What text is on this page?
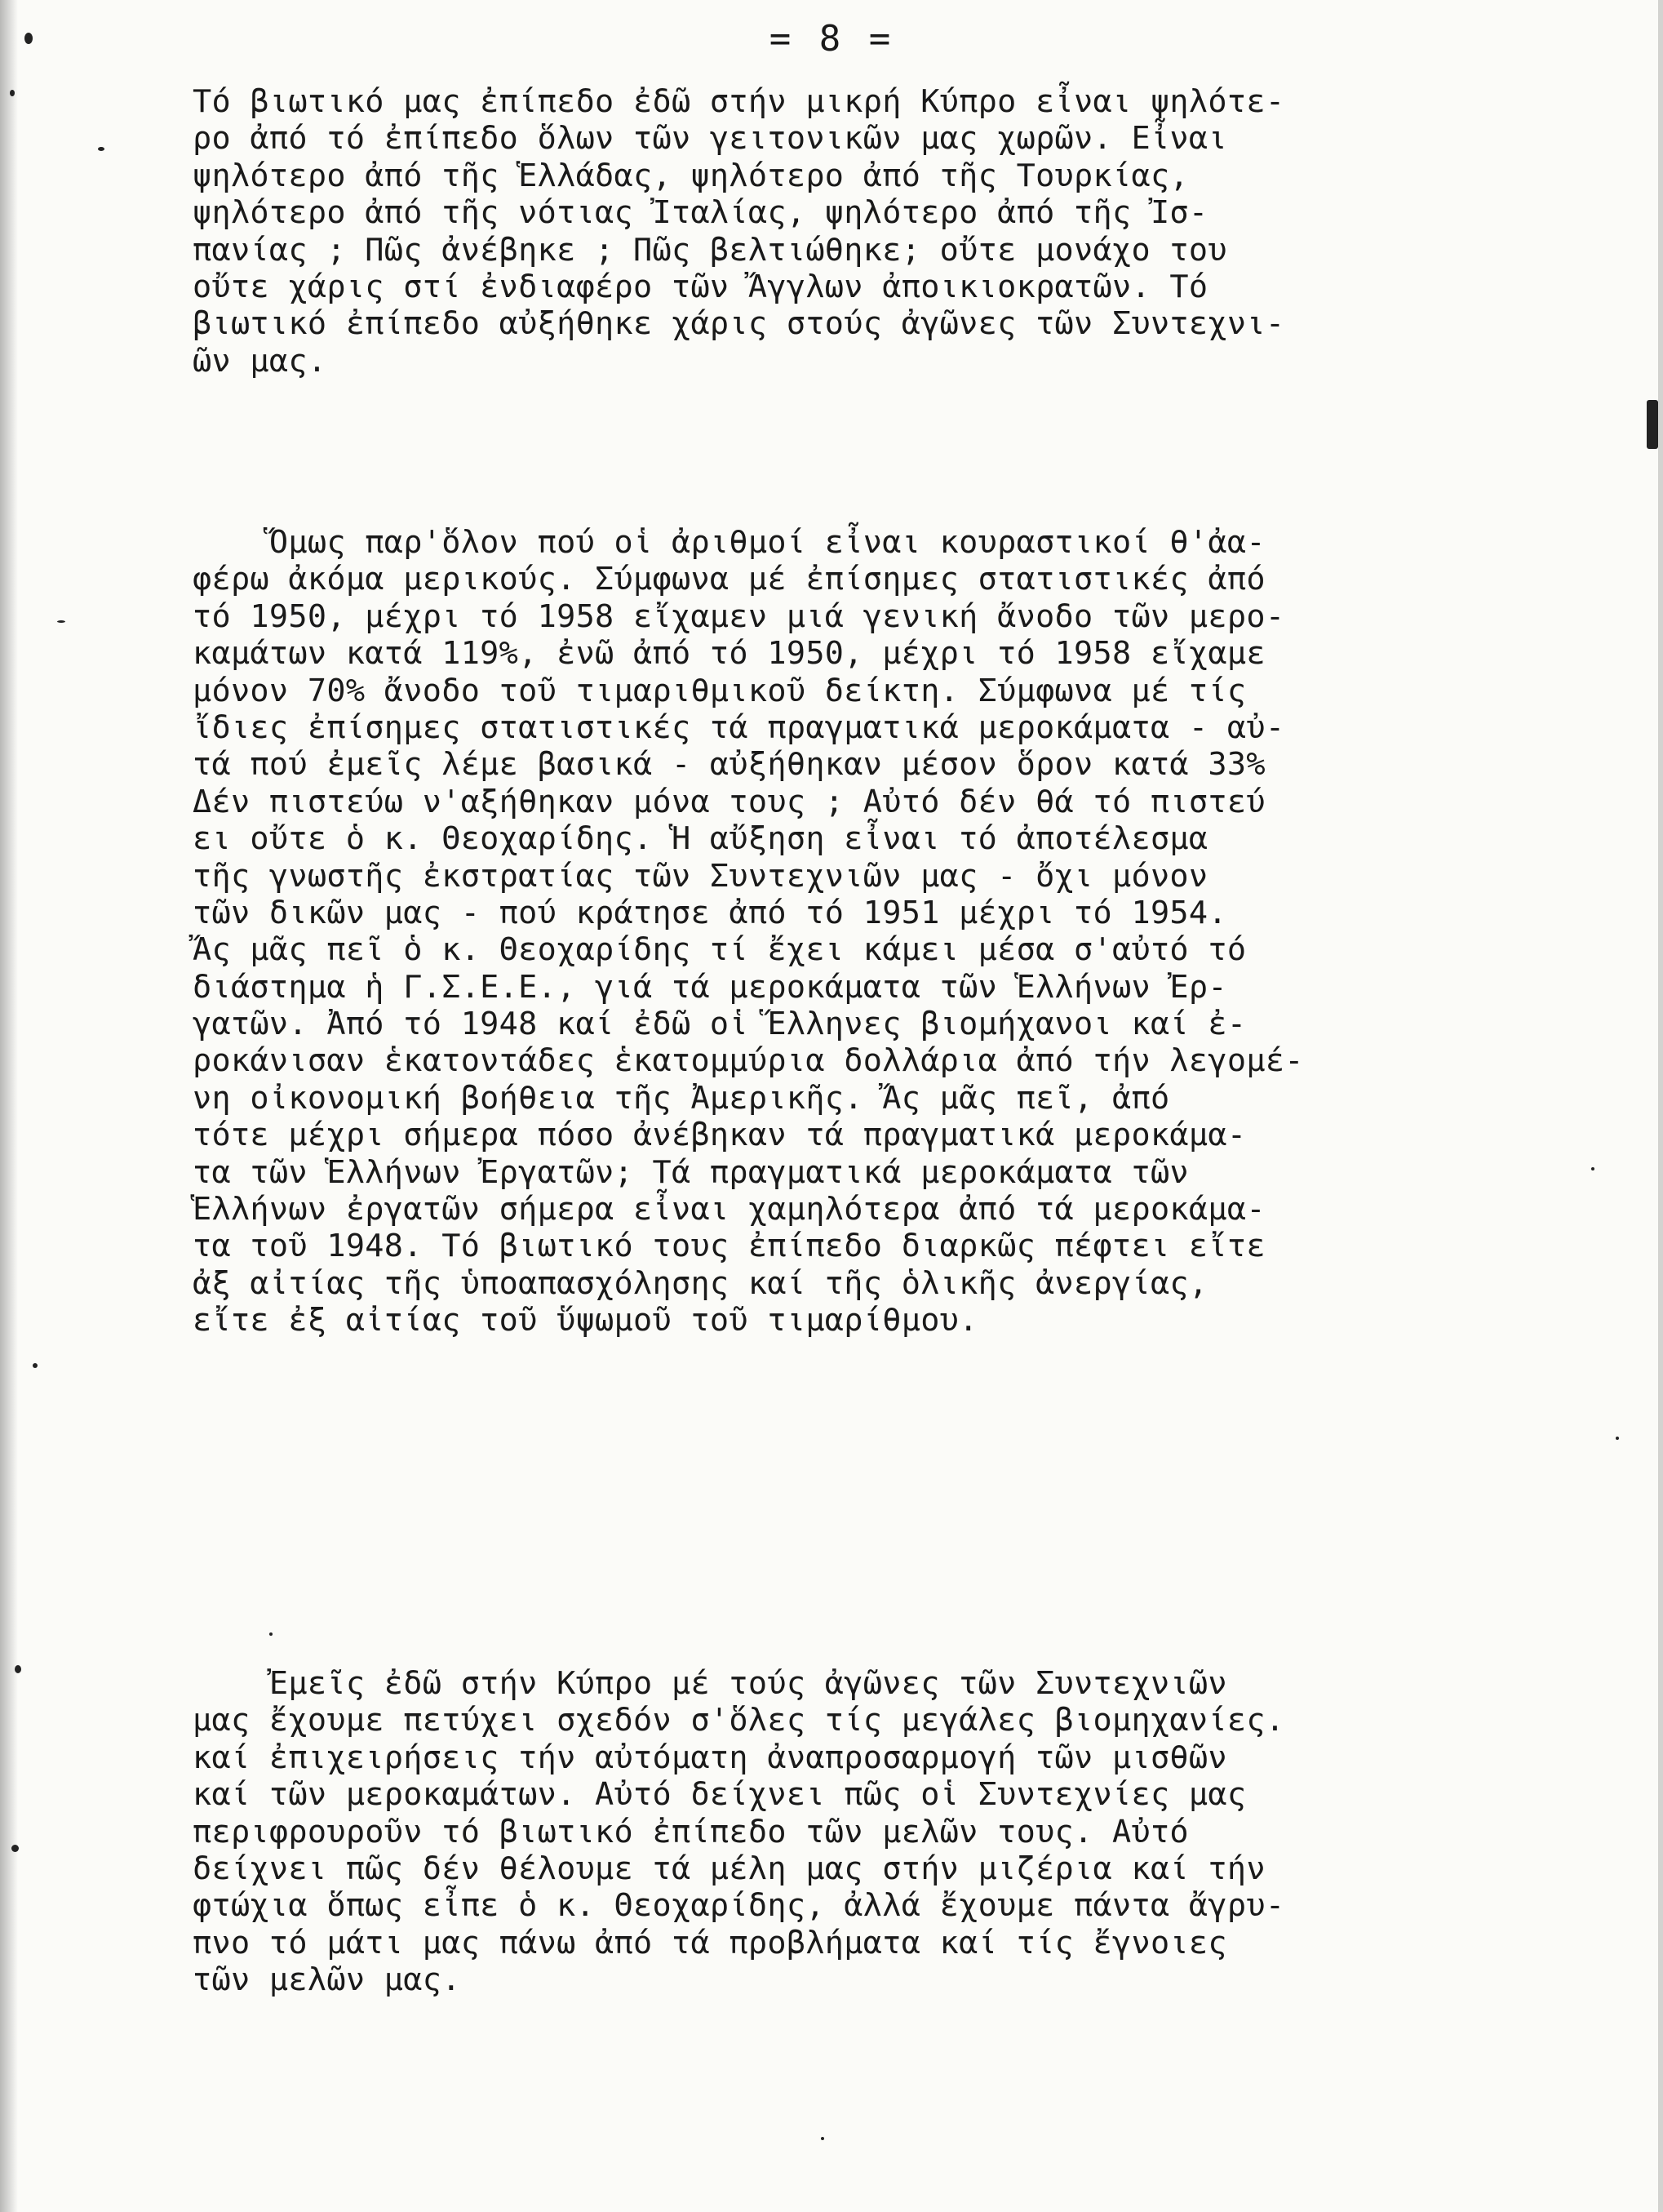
= 8 =
Τό βιωτικό μας ἐπίπεδο ἐδῶ στήν μικρή Κύπρο εἶναι ψηλότε-
ρο ἀπό τό ἐπίπεδο ὅλων τῶν γειτονικῶν μας χωρῶν. Εἶναι
ψηλότερο ἀπό τῆς Ἑλλάδας, ψηλότερο ἀπό τῆς Τουρκίας,
ψηλότερο ἀπό τῆς νότιας Ἰταλίας, ψηλότερο ἀπό τῆς Ἰσ-
πανίας ; Πῶς ἀνέβηκε ; Πῶς βελτιώθηκε; οὔτε μονάχο του
οὔτε χάρις στί ἐνδιαφέρο τῶν Ἄγγλων ἀποικιοκρατῶν. Τό
βιωτικό ἐπίπεδο αὐξήθηκε χάρις στούς ἀγῶνες τῶν Συντεχνι-
ῶν μας.
Ὅμως παρ'ὅλον πού οἱ ἀριθμοί εἶναι κουραστικοί θ'ἀα-
φέρω ἀκόμα μερικούς. Σύμφωνα μέ ἐπίσημες στατιστικές ἀπό
τό 1950, μέχρι τό 1958 εἴχαμεν μιά γενική ἄνοδο τῶν μερο-
καμάτων κατά 119%, ἐνῶ ἀπό τό 1950, μέχρι τό 1958 εἴχαμε
μόνον 70% ἄνοδο τοῦ τιμαριθμικοῦ δείκτη. Σύμφωνα μέ τίς
ἴδιες ἐπίσημες στατιστικές τά πραγματικά μεροκάματα - αὐ-
τά πού ἐμεῖς λέμε βασικά - αὐξήθηκαν μέσον ὅρον κατά 33%
Δέν πιστεύω ν'αξήθηκαν μόνα τους ; Αὐτό δέν θά τό πιστεύ
ει οὔτε ὁ κ. Θεοχαρίδης. Ἡ αὔξηση εἶναι τό ἀποτέλεσμα
τῆς γνωστῆς ἐκστρατίας τῶν Συντεχνιῶν μας - ὄχι μόνον
τῶν δικῶν μας - πού κράτησε ἀπό τό 1951 μέχρι τό 1954.
Ἄς μᾶς πεῖ ὁ κ. Θεοχαρίδης τί ἔχει κάμει μέσα σ'αὐτό τό
διάστημα ἡ Γ.Σ.Ε.Ε., γιά τά μεροκάματα τῶν Ἑλλήνων Ἐρ-
γατῶν. Ἀπό τό 1948 καί ἐδῶ οἱ Ἕλληνες βιομήχανοι καί ἐ-
ροκάνισαν ἑκατοντάδες ἑκατομμύρια δολλάρια ἀπό τήν λεγομέ-
νη οἰκονομική βοήθεια τῆς Ἀμερικῆς. Ἄς μᾶς πεῖ, ἀπό
τότε μέχρι σήμερα πόσο ἀνέβηκαν τά πραγματικά μεροκάμα-
τα τῶν Ἑλλήνων Ἐργατῶν; Τά πραγματικά μεροκάματα τῶν
Ἑλλήνων ἐργατῶν σήμερα εἶναι χαμηλότερα ἀπό τά μεροκάμα-
τα τοῦ 1948. Τό βιωτικό τους ἐπίπεδο διαρκῶς πέφτει εἴτε
ἀξ αἰτίας τῆς ὑποαπασχόλησης καί τῆς ὁλικῆς ἀνεργίας,
εἴτε ἐξ αἰτίας τοῦ ὕψωμοῦ τοῦ τιμαρίθμου.
Ἐμεῖς ἐδῶ στήν Κύπρο μέ τούς ἀγῶνες τῶν Συντεχνιῶν
μας ἔχουμε πετύχει σχεδόν σ'ὅλες τίς μεγάλες βιομηχανίες.
καί ἐπιχειρήσεις τήν αὐτόματη ἀναπροσαρμογή τῶν μισθῶν
καί τῶν μεροκαμάτων. Αὐτό δείχνει πῶς οἱ Συντεχνίες μας
περιφρουροῦν τό βιωτικό ἐπίπεδο τῶν μελῶν τους. Αὐτό
δείχνει πῶς δέν θέλουμε τά μέλη μας στήν μιζέρια καί τήν
φτώχια ὅπως εἶπε ὁ κ. Θεοχαρίδης, ἀλλά ἔχουμε πάντα ἄγρυ-
πνο τό μάτι μας πάνω ἀπό τά προβλήματα καί τίς ἔγνοιες
τῶν μελῶν μας.
